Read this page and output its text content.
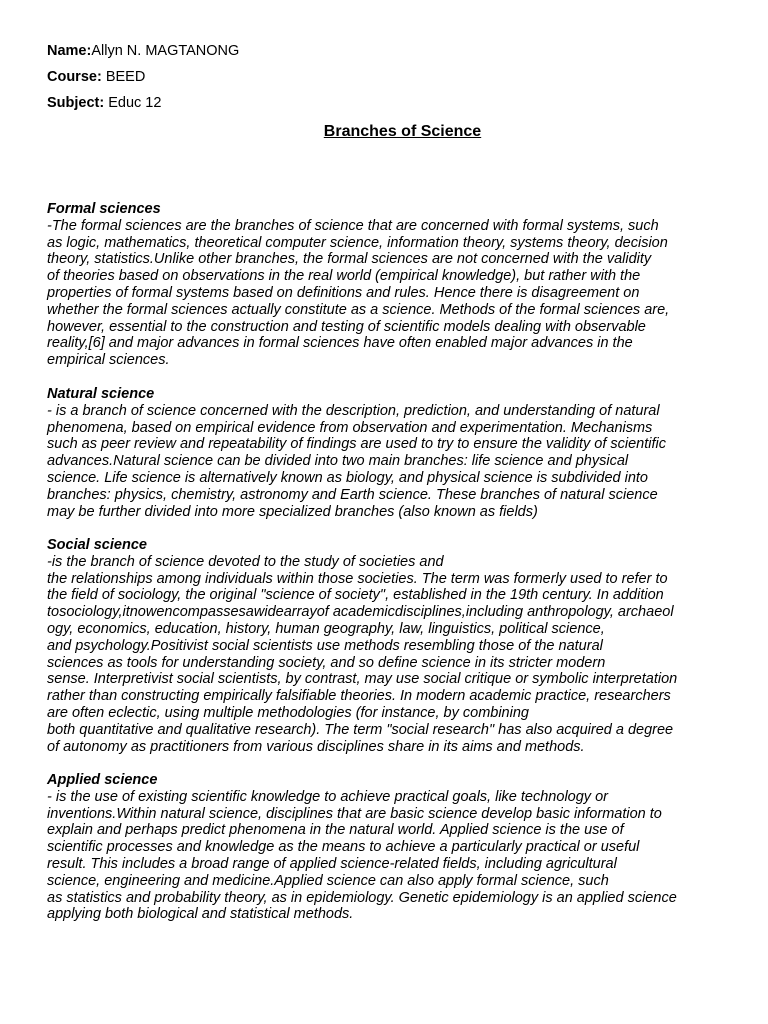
Name:Allyn N. MAGTANONG
Course: BEED
Subject: Educ 12
Branches of Science
Formal sciences
-The formal sciences are the branches of science that are concerned with formal systems, such
as logic, mathematics, theoretical computer science, information theory, systems theory, decision
theory, statistics.Unlike other branches, the formal sciences are not concerned with the validity
of theories based on observations in the real world (empirical knowledge), but rather with the
properties of formal systems based on definitions and rules. Hence there is disagreement on
whether the formal sciences actually constitute as a science. Methods of the formal sciences are,
however, essential to the construction and testing of scientific models dealing with observable
reality,[6] and major advances in formal sciences have often enabled major advances in the
empirical sciences.
Natural science
- is a branch of science concerned with the description, prediction, and understanding of natural
phenomena, based on empirical evidence from observation and experimentation. Mechanisms
such as peer review and repeatability of findings are used to try to ensure the validity of scientific
advances.Natural science can be divided into two main branches: life science and physical
science. Life science is alternatively known as biology, and physical science is subdivided into
branches: physics, chemistry, astronomy and Earth science. These branches of natural science
may be further divided into more specialized branches (also known as fields)
Social science
-is the branch of science devoted to the study of societies and
the relationships among individuals within those societies. The term was formerly used to refer to
the field of sociology, the original "science of society", established in the 19th century. In addition
tosociology,itnowencompassesawidearrayof academicdisciplines,including anthropology, archaeol
ogy, economics, education, history, human geography, law, linguistics, political science,
and psychology.Positivist social scientists use methods resembling those of the natural
sciences as tools for understanding society, and so define science in its stricter modern
sense. Interpretivist social scientists, by contrast, may use social critique or symbolic interpretation
rather than constructing empirically falsifiable theories. In modern academic practice, researchers
are often eclectic, using multiple methodologies (for instance, by combining
both quantitative and qualitative research). The term "social research" has also acquired a degree
of autonomy as practitioners from various disciplines share in its aims and methods.
Applied science
- is the use of existing scientific knowledge to achieve practical goals, like technology or
inventions.Within natural science, disciplines that are basic science develop basic information to
explain and perhaps predict phenomena in the natural world. Applied science is the use of
scientific processes and knowledge as the means to achieve a particularly practical or useful
result. This includes a broad range of applied science-related fields, including agricultural
science, engineering and medicine.Applied science can also apply formal science, such
as statistics and probability theory, as in epidemiology. Genetic epidemiology is an applied science
applying both biological and statistical methods.
